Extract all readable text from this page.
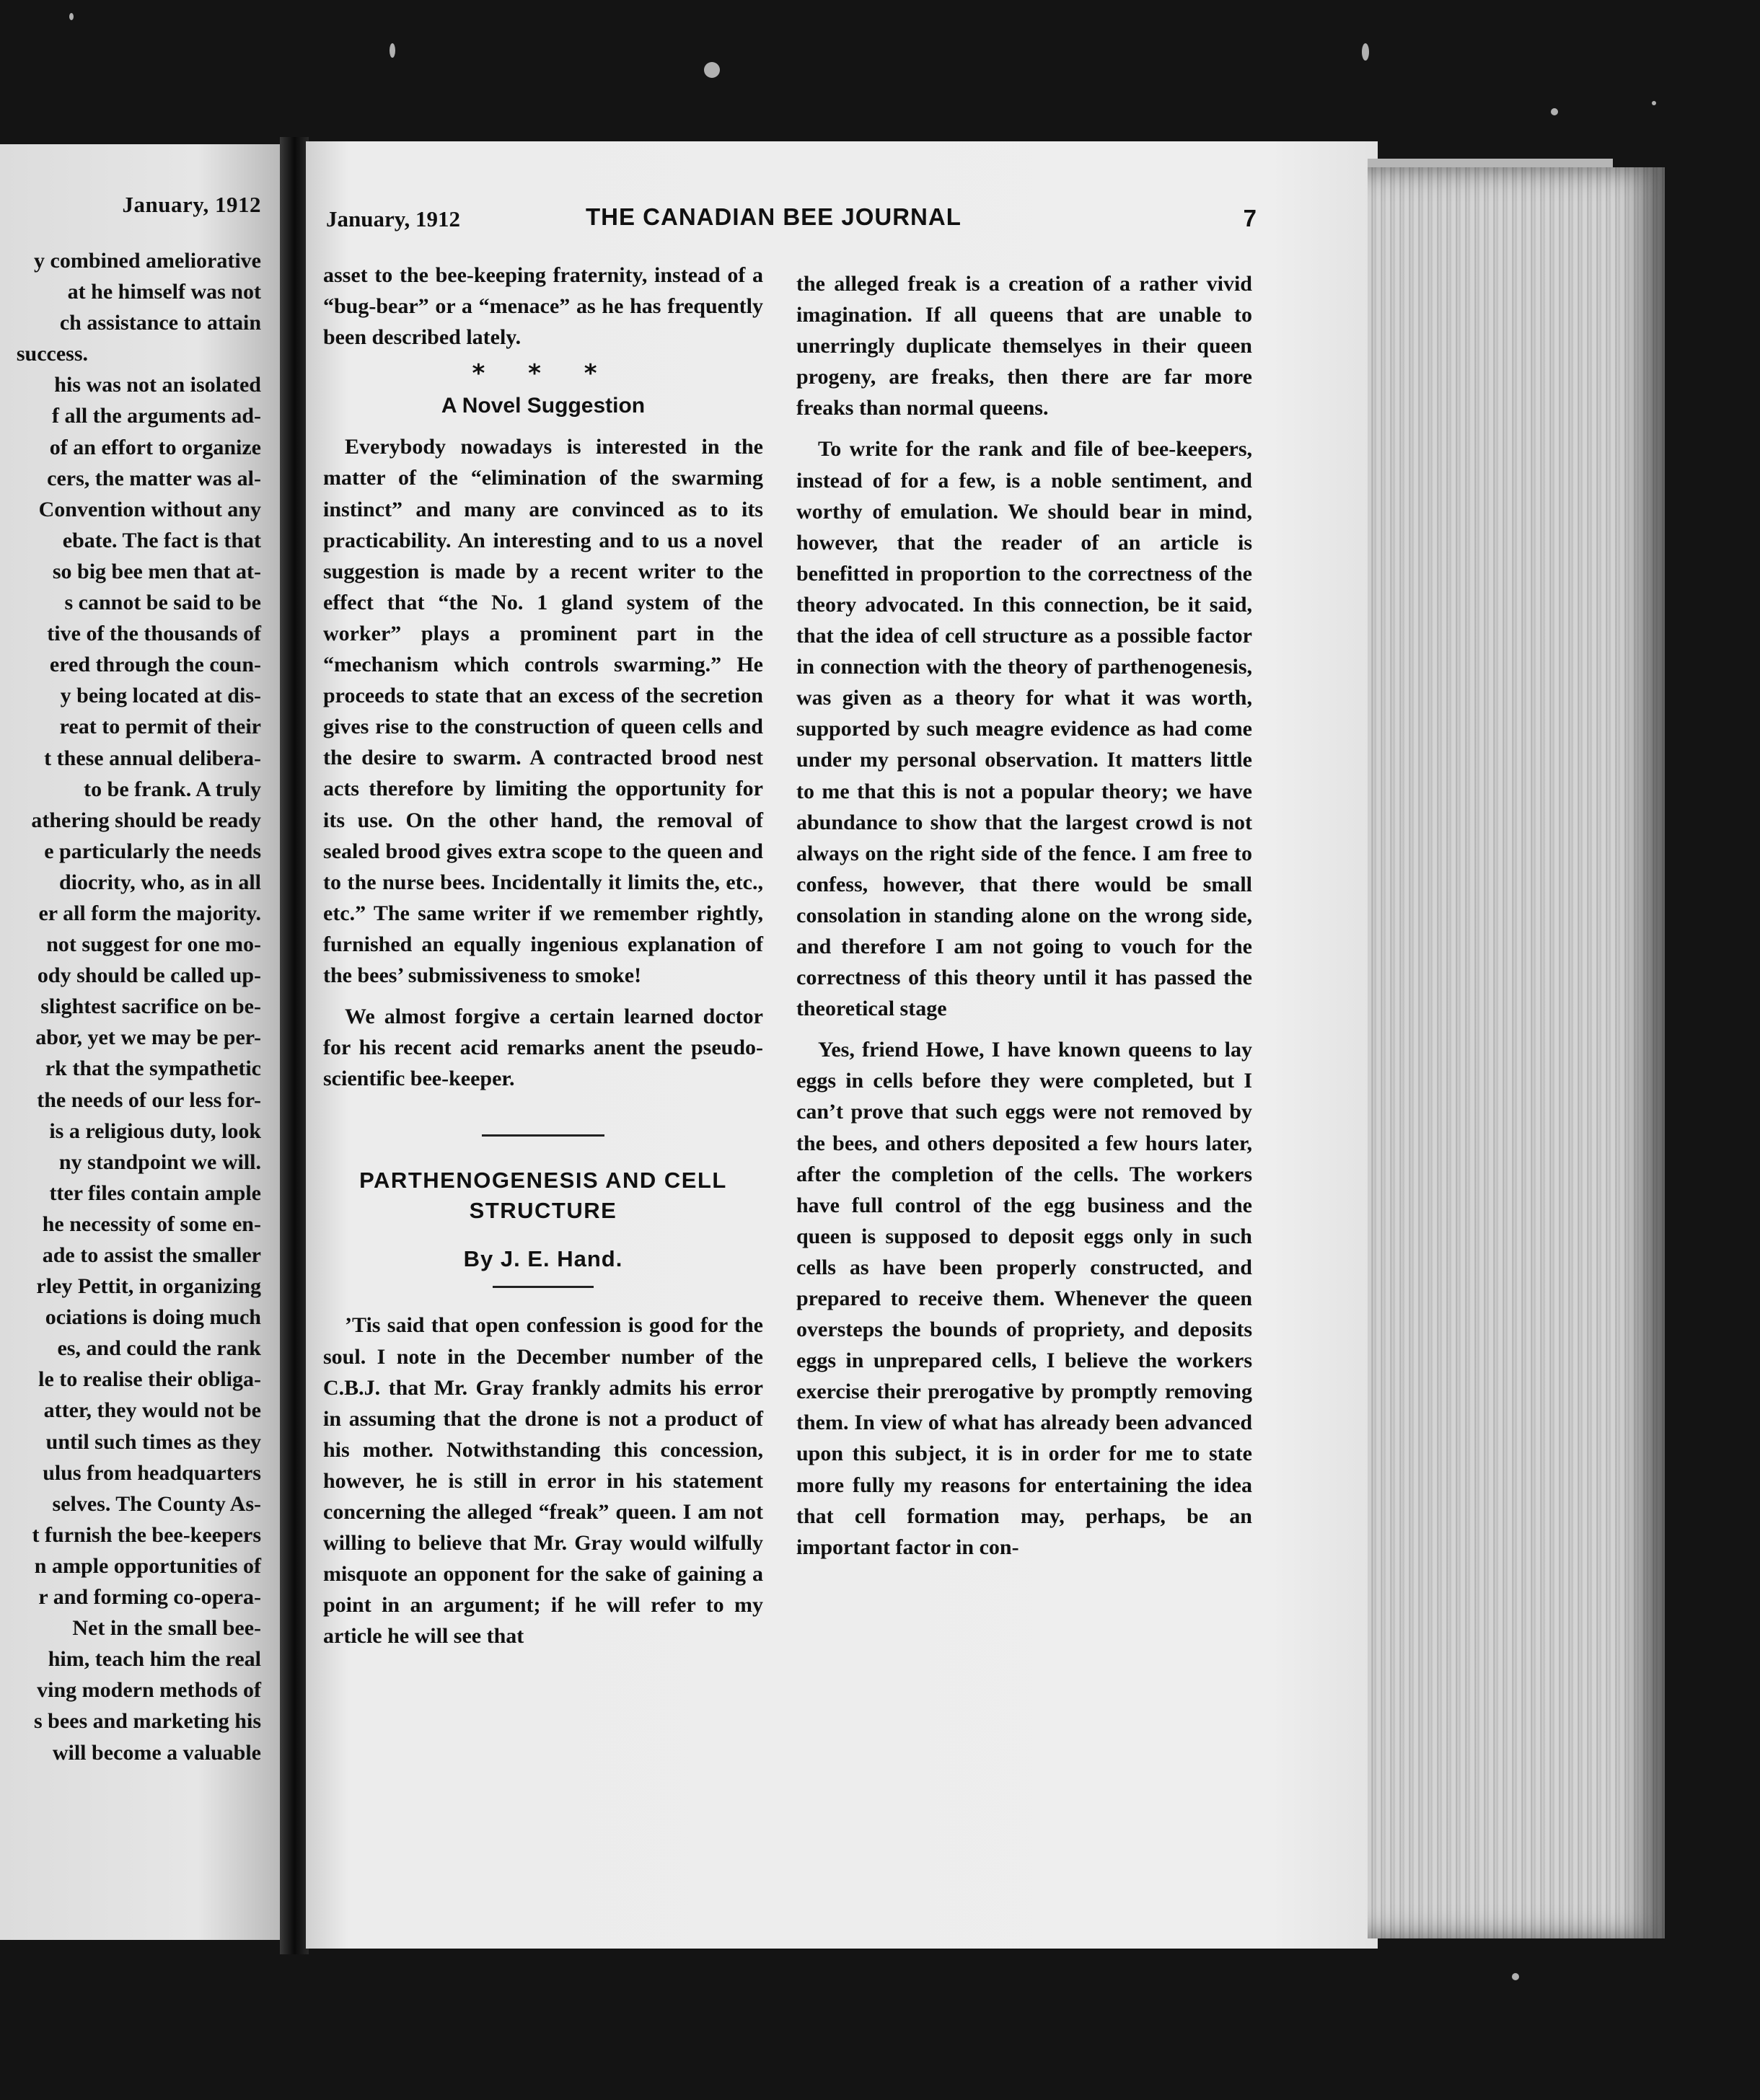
January, 1912
y combined ameliorative
at he himself was not
ch assistance to attain
success.
his was not an isolated
f all the arguments ad-
of an effort to organize
cers, the matter was al-
Convention without any
ebate. The fact is that
so big bee men that at-
s cannot be said to be
tive of the thousands of
ered through the coun-
y being located at dis-
reat to permit of their
t these annual delibera-
to be frank. A truly
athering should be ready
e particularly the needs
diocrity, who, as in all
er all form the majority.
not suggest for one mo-
ody should be called up-
slightest sacrifice on be-
abor, yet we may be per-
rk that the sympathetic
the needs of our less for-
is a religious duty, look
ny standpoint we will.
tter files contain ample
he necessity of some en-
ade to assist the smaller
rley Pettit, in organizing
ociations is doing much
es, and could the rank
le to realise their obliga-
atter, they would not be
until such times as they
ulus from headquarters
selves. The County As-
t furnish the bee-keepers
n ample opportunities of
r and forming co-opera-
Net in the small bee-
him, teach him the real
ving modern methods of
s bees and marketing his
will become a valuable
January, 1912	THE CANADIAN BEE JOURNAL	7

asset to the bee-keeping fraternity, instead of a “bug-bear” or a “menace” as he has frequently been described lately.

* * *
A Novel Suggestion

Everybody nowadays is interested in the matter of the “elimination of the swarming instinct” and many are convinced as to its practicability. An interesting and to us a novel suggestion is made by a recent writer to the effect that “the No. 1 gland system of the worker” plays a prominent part in the “mechanism which controls swarming.” He proceeds to state that an excess of the secretion gives rise to the construction of queen cells and the desire to swarm. A contracted brood nest acts therefore by limiting the opportunity for its use. On the other hand, the removal of sealed brood gives extra scope to the queen and to the nurse bees. Incidentally it limits the, etc., etc.” The same writer if we remember rightly, furnished an equally ingenious explanation of the bees’ submissiveness to smoke!

We almost forgive a certain learned doctor for his recent acid remarks anent the pseudo-scientific bee-keeper.

PARTHENOGENESIS AND CELL
STRUCTURE
By J. E. Hand.

’Tis said that open confession is good for the soul. I note in the December number of the C.B.J. that Mr. Gray frankly admits his error in assuming that the drone is not a product of his mother. Notwithstanding this concession, however, he is still in error in his statement concerning the alleged “freak” queen. I am not willing to believe that Mr. Gray would wilfully misquote an opponent for the sake of gaining a point in an argument; if he will refer to my article he will see that

the alleged freak is a creation of a rather vivid imagination. If all queens that are unable to unerringly duplicate themselyes in their queen progeny, are freaks, then there are far more freaks than normal queens.

To write for the rank and file of bee-keepers, instead of for a few, is a noble sentiment, and worthy of emulation. We should bear in mind, however, that the reader of an article is benefitted in proportion to the correctness of the theory advocated. In this connection, be it said, that the idea of cell structure as a possible factor in connection with the theory of parthenogenesis, was given as a theory for what it was worth, supported by such meagre evidence as had come under my personal observation. It matters little to me that this is not a popular theory; we have abundance to show that the largest crowd is not always on the right side of the fence. I am free to confess, however, that there would be small consolation in standing alone on the wrong side, and therefore I am not going to vouch for the correctness of this theory until it has passed the theoretical stage

Yes, friend Howe, I have known queens to lay eggs in cells before they were completed, but I can’t prove that such eggs were not removed by the bees, and others deposited a few hours later, after the completion of the cells. The workers have full control of the egg business and the queen is supposed to deposit eggs only in such cells as have been properly constructed, and prepared to receive them. Whenever the queen oversteps the bounds of propriety, and deposits eggs in unprepared cells, I believe the workers exercise their prerogative by promptly removing them. In view of what has already been advanced upon this subject, it is in order for me to state more fully my reasons for entertaining the idea that cell formation may, perhaps, be an important factor in con-
